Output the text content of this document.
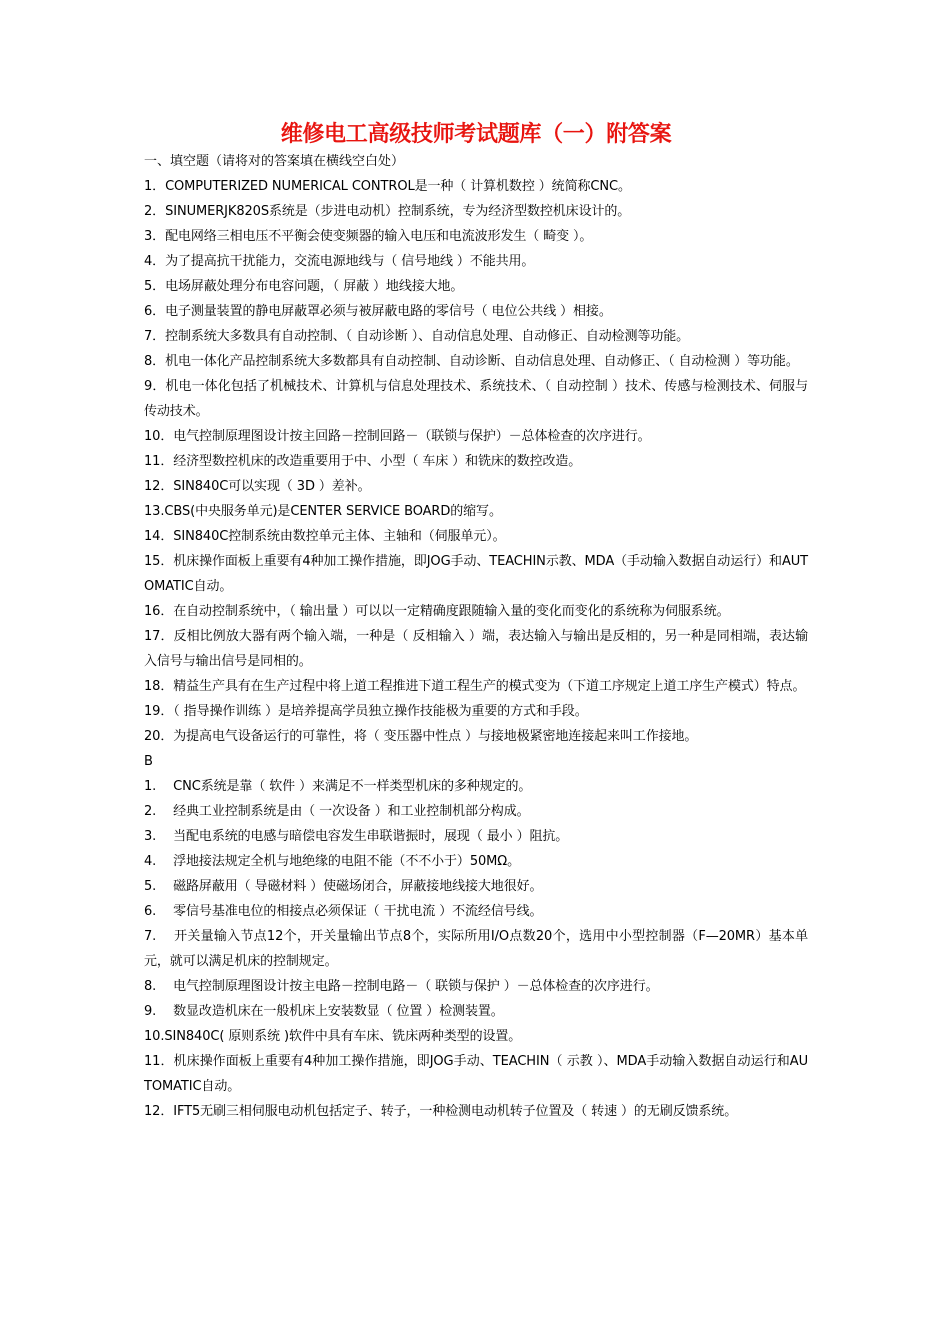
维修电工高级技师考试题库（一）附答案

一、填空题（请将对的答案填在横线空白处）

1．COMPUTERIZED NUMERICAL CONTROL是一种（ 计算机数控 ）统简称CNC。

2．SINUMERJK820S系统是（步进电动机）控制系统，专为经济型数控机床设计的。

3．配电网络三相电压不平衡会使变频器的输入电压和电流波形发生（ 畸变 ）。

4．为了提高抗干扰能力，交流电源地线与（ 信号地线 ）不能共用。

5．电场屏蔽处理分布电容问题，（ 屏蔽 ）地线接大地。

6．电子测量装置的静电屏蔽罩必须与被屏蔽电路的零信号（ 电位公共线 ）相接。

7．控制系统大多数具有自动控制、（ 自动诊断 ）、自动信息处理、自动修正、自动检测等功能。

8．机电一体化产品控制系统大多数都具有自动控制、自动诊断、自动信息处理、自动修正、（ 自动检测 ）等功能。

9．机电一体化包括了机械技术、计算机与信息处理技术、系统技术、（ 自动控制 ）技术、传感与检测技术、伺服与传动技术。

10．电气控制原理图设计按主回路－控制回路－（联锁与保护）－总体检查的次序进行。

11．经济型数控机床的改造重要用于中、小型（ 车床 ）和铣床的数控改造。

12．SIN840C可以实现（ 3D ）差补。

13.CBS(中央服务单元)是CENTER SERVICE BOARD的缩写。

14．SIN840C控制系统由数控单元主体、主轴和（伺服单元）。

15．机床操作面板上重要有4种加工操作措施，即JOG手动、TEACHIN示教、MDA（手动输入数据自动运行）和AUTOMATIC自动。

16．在自动控制系统中，（ 输出量 ）可以以一定精确度跟随输入量的变化而变化的系统称为伺服系统。

17．反相比例放大器有两个输入端，一种是（ 反相输入 ）端，表达输入与输出是反相的，另一种是同相端，表达输入信号与输出信号是同相的。

18．精益生产具有在生产过程中将上道工程推进下道工程生产的模式变为（下道工序规定上道工序生产模式）特点。

19．（ 指导操作训练 ）是培养提高学员独立操作技能极为重要的方式和手段。

20．为提高电气设备运行的可靠性，将（ 变压器中性点 ）与接地极紧密地连接起来叫工作接地。

B

1.　 CNC系统是靠（ 软件 ）来满足不一样类型机床的多种规定的。

2.　 经典工业控制系统是由（ 一次设备 ）和工业控制机部分构成。

3.　 当配电系统的电感与暗偿电容发生串联谐振时，展现（ 最小 ）阻抗。

4.　 浮地接法规定全机与地绝缘的电阻不能（不不小于）50MΩ。

5.　 磁路屏蔽用（ 导磁材料 ）使磁场闭合，屏蔽接地线接大地很好。

6.　 零信号基准电位的相接点必须保证（ 干扰电流 ）不流经信号线。

7.　 开关量输入节点12个，开关量输出节点8个，实际所用I/O点数20个，选用中小型控制器（F—20MR）基本单元，就可以满足机床的控制规定。

8.　 电气控制原理图设计按主电路－控制电路－（ 联锁与保护 ）－总体检查的次序进行。

9.　 数显改造机床在一般机床上安装数显（ 位置 ）检测装置。

10.SIN840C( 原则系统 )软件中具有车床、铣床两种类型的设置。

11．机床操作面板上重要有4种加工操作措施，即JOG手动、TEACHIN（ 示教 ）、MDA手动输入数据自动运行和AUTOMATIC自动。

12．IFT5无刷三相伺服电动机包括定子、转子，一种检测电动机转子位置及（ 转速 ）的无刷反馈系统。
